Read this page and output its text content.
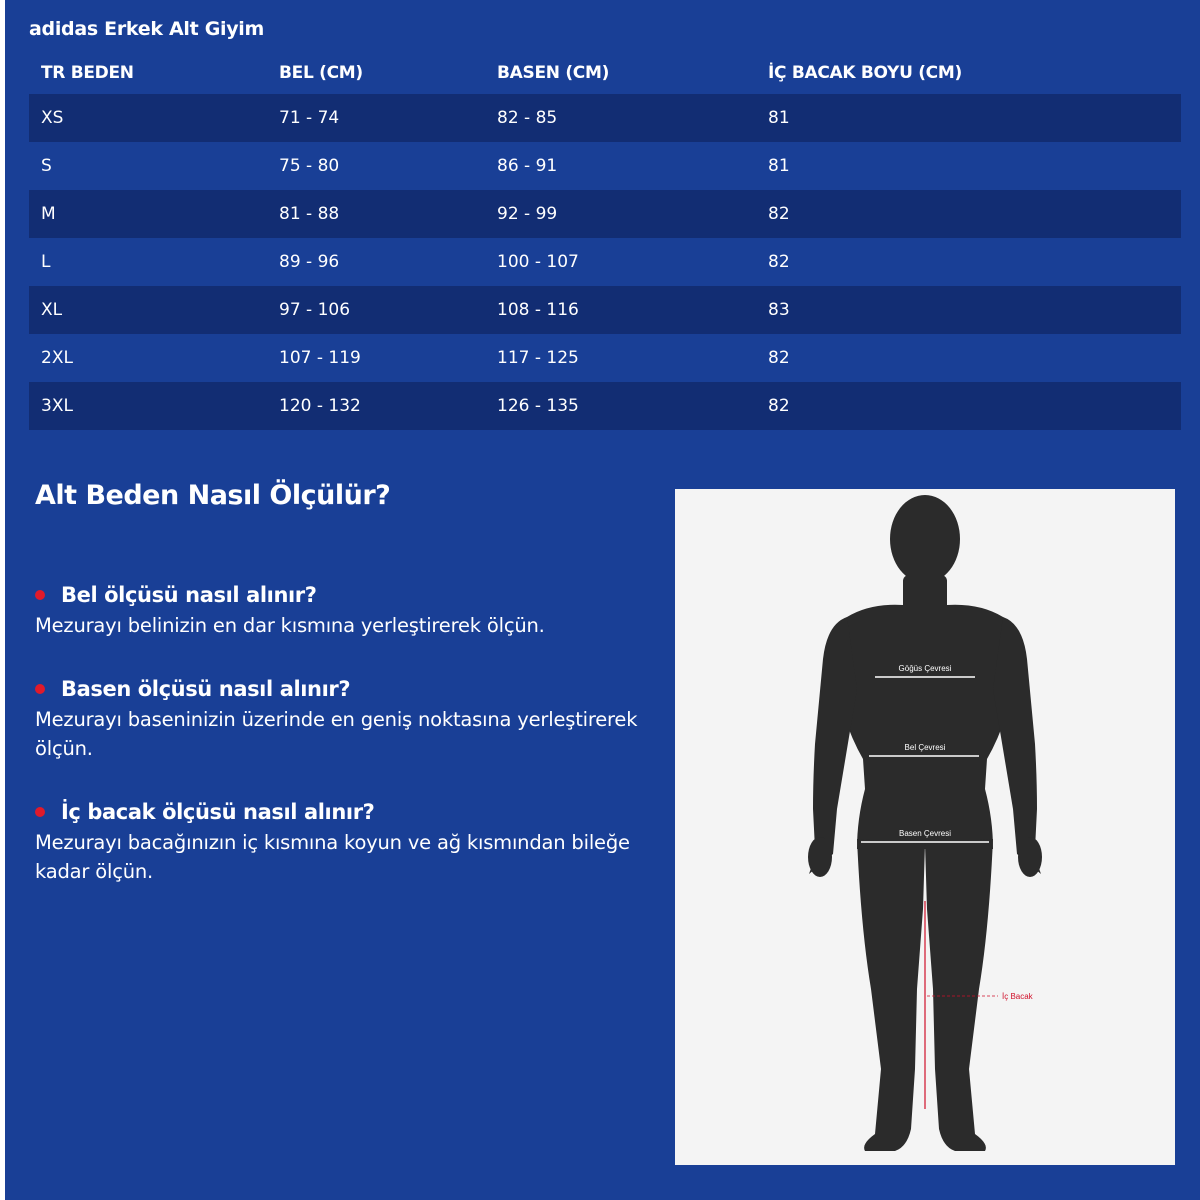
adidas Erkek Alt Giyim
TR BEDEN	BEL (CM)	BASEN (CM)	İÇ BACAK BOYU (CM)
XS	71 - 74	82 - 85	81
S	75 - 80	86 - 91	81
M	81 - 88	92 - 99	82
L	89 - 96	100 - 107	82
XL	97 - 106	108 - 116	83
2XL	107 - 119	117 - 125	82
3XL	120 - 132	126 - 135	82
Alt Beden Nasıl Ölçülür?
Bel ölçüsü nasıl alınır?
Mezurayı belinizin en dar kısmına yerleştirerek ölçün.
Basen ölçüsü nasıl alınır?
Mezurayı baseninizin üzerinde en geniş noktasına yerleştirerek ölçün.
İç bacak ölçüsü nasıl alınır?
Mezurayı bacağınızın iç kısmına koyun ve ağ kısmından bileğe kadar ölçün.
Göğüs Çevresi
Bel Çevresi
Basen Çevresi
İç Bacak
